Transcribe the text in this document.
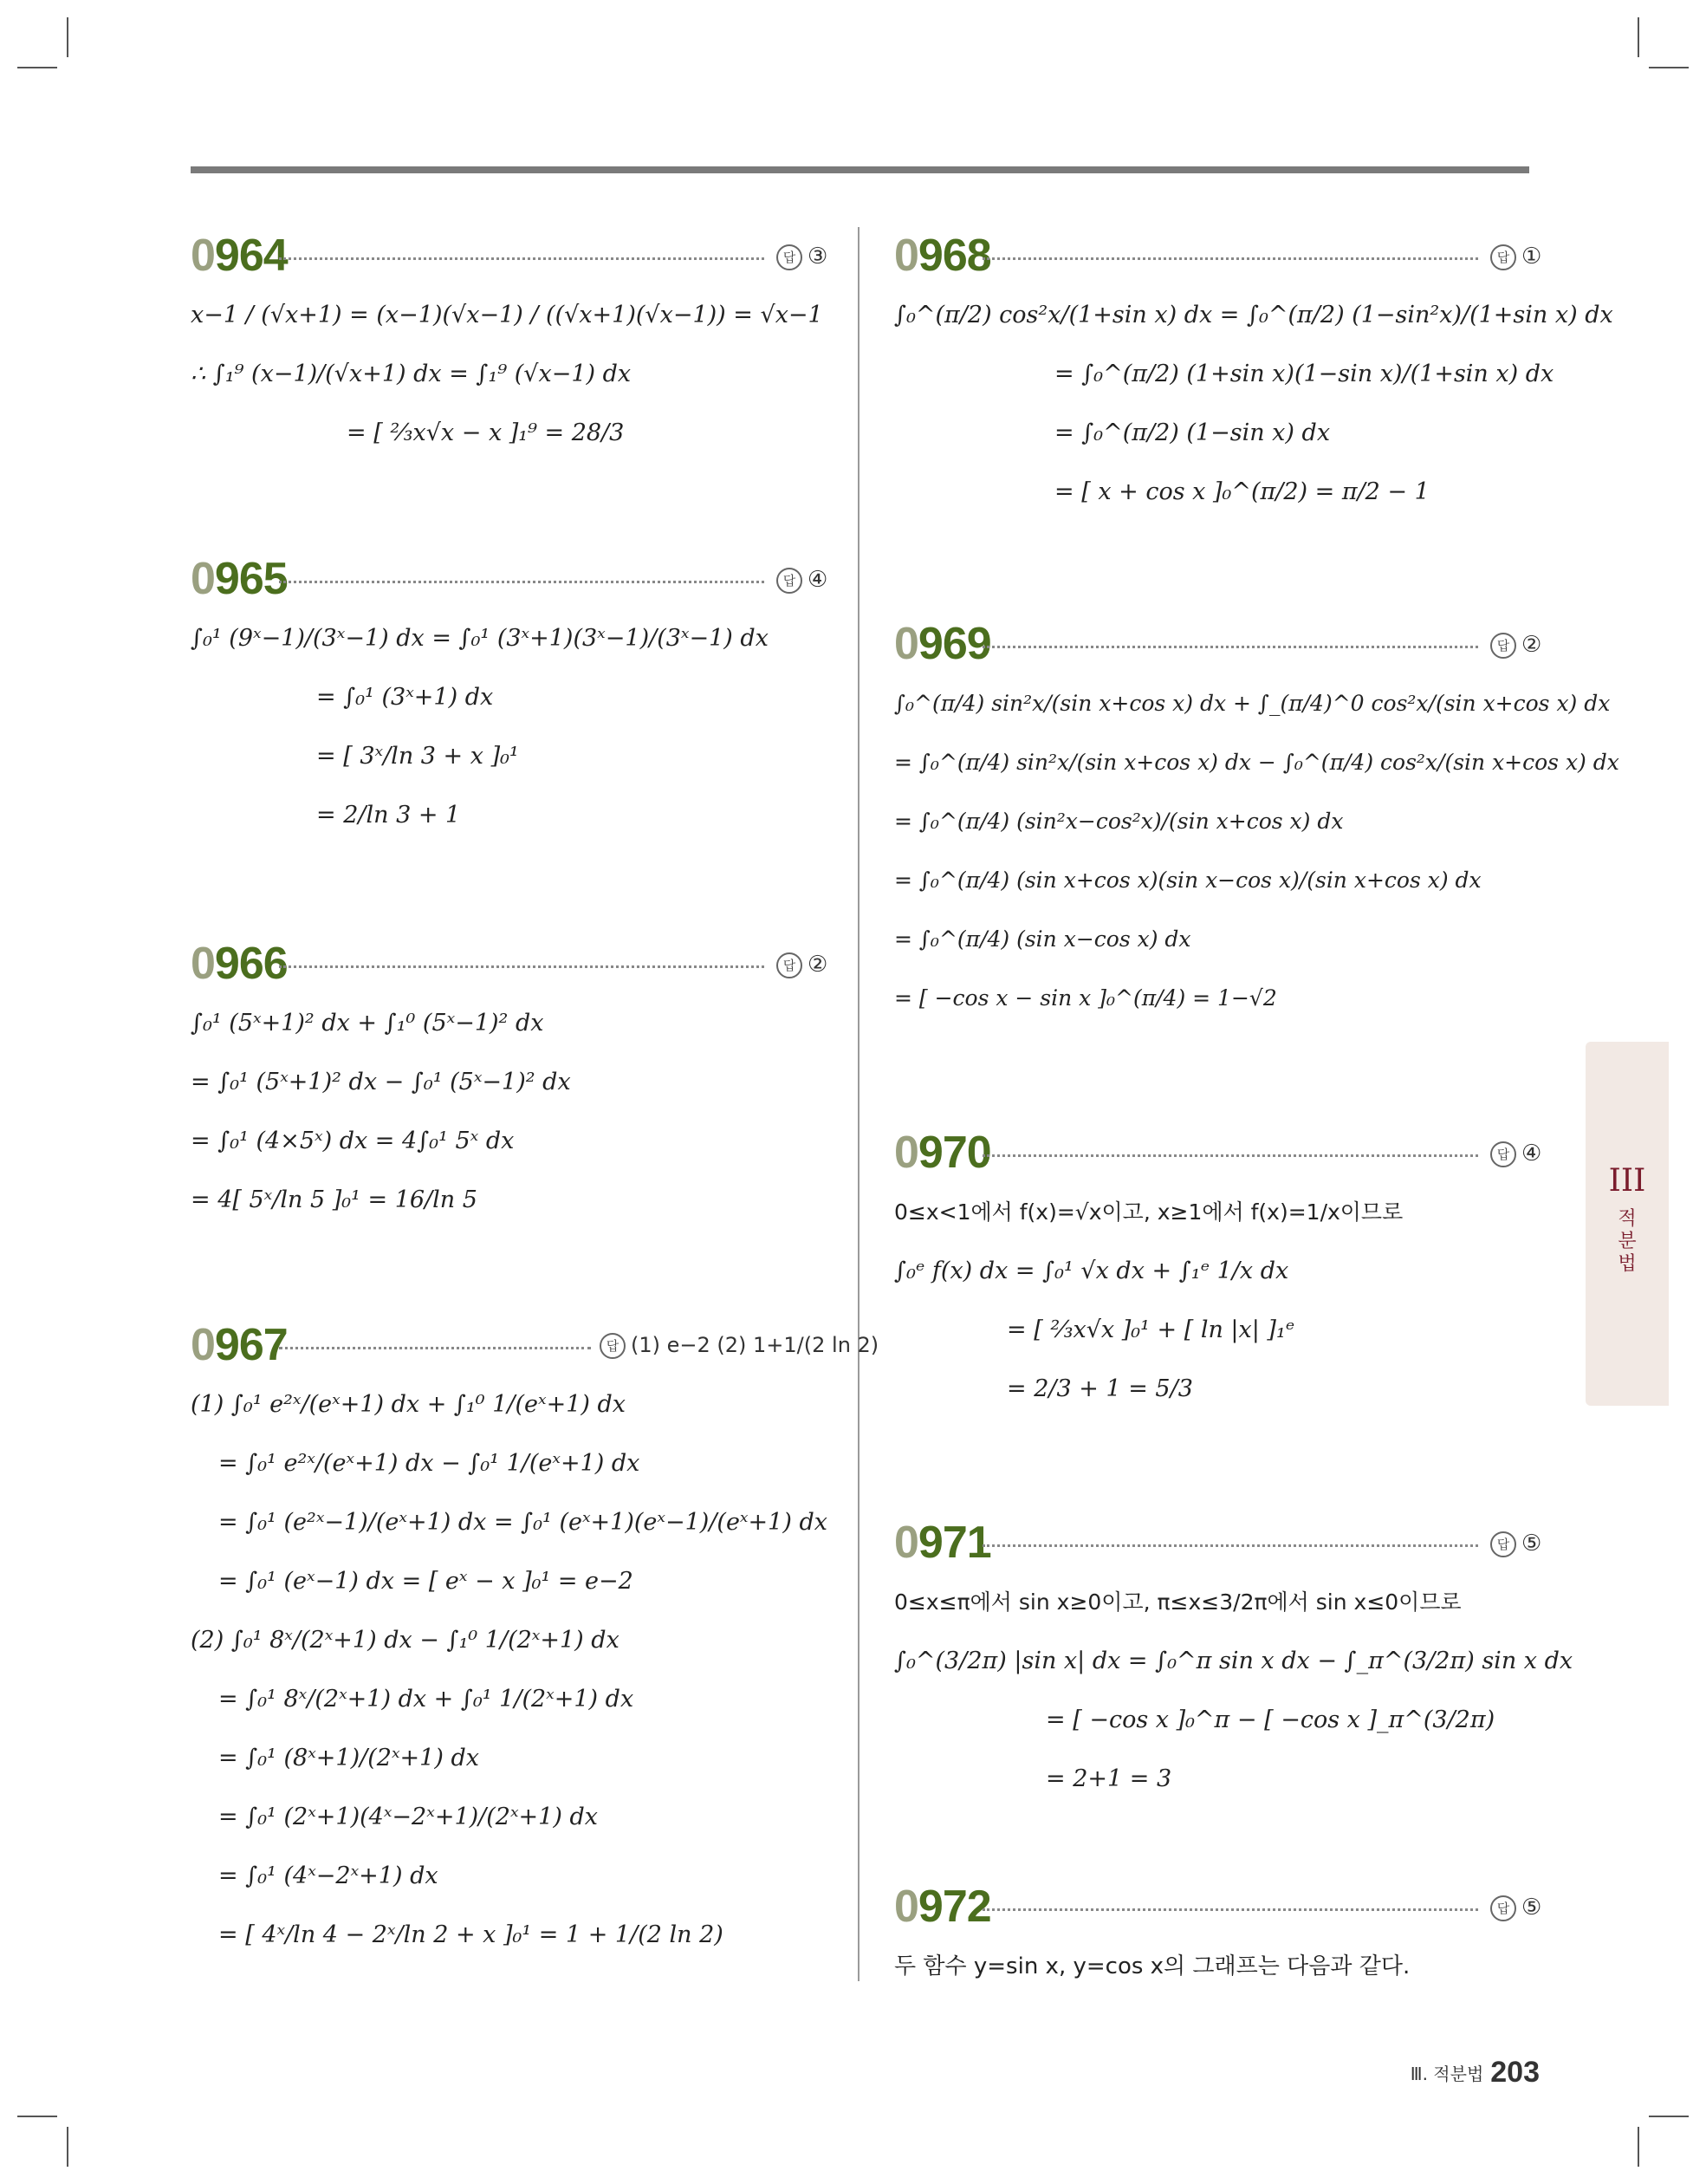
0964	답 ③
x−1 / (√x+1) = (x−1)(√x−1) / ((√x+1)(√x−1)) = √x−1
∴ ∫₁⁹ (x−1)/(√x+1) dx = ∫₁⁹ (√x−1) dx
= [ ⅔x√x − x ]₁⁹ = 28/3
0965	답 ④
∫₀¹ (9ˣ−1)/(3ˣ−1) dx = ∫₀¹ (3ˣ+1)(3ˣ−1)/(3ˣ−1) dx
= ∫₀¹ (3ˣ+1) dx
= [ 3ˣ/ln 3 + x ]₀¹
= 2/ln 3 + 1
0966	답 ②
∫₀¹ (5ˣ+1)² dx + ∫₁⁰ (5ˣ−1)² dx
= ∫₀¹ (5ˣ+1)² dx − ∫₀¹ (5ˣ−1)² dx
= ∫₀¹ (4×5ˣ) dx = 4∫₀¹ 5ˣ dx
= 4[ 5ˣ/ln 5 ]₀¹ = 16/ln 5
0967	답 (1) e−2 (2) 1+1/(2 ln 2)
(1) ∫₀¹ e²ˣ/(eˣ+1) dx + ∫₁⁰ 1/(eˣ+1) dx
= ∫₀¹ e²ˣ/(eˣ+1) dx − ∫₀¹ 1/(eˣ+1) dx
= ∫₀¹ (e²ˣ−1)/(eˣ+1) dx = ∫₀¹ (eˣ+1)(eˣ−1)/(eˣ+1) dx
= ∫₀¹ (eˣ−1) dx = [ eˣ − x ]₀¹ = e−2
(2) ∫₀¹ 8ˣ/(2ˣ+1) dx − ∫₁⁰ 1/(2ˣ+1) dx
= ∫₀¹ 8ˣ/(2ˣ+1) dx + ∫₀¹ 1/(2ˣ+1) dx
= ∫₀¹ (8ˣ+1)/(2ˣ+1) dx
= ∫₀¹ (2ˣ+1)(4ˣ−2ˣ+1)/(2ˣ+1) dx
= ∫₀¹ (4ˣ−2ˣ+1) dx
= [ 4ˣ/ln 4 − 2ˣ/ln 2 + x ]₀¹ = 1 + 1/(2 ln 2)
0968	답 ①
∫₀^(π/2) cos²x/(1+sin x) dx = ∫₀^(π/2) (1−sin²x)/(1+sin x) dx
= ∫₀^(π/2) (1+sin x)(1−sin x)/(1+sin x) dx
= ∫₀^(π/2) (1−sin x) dx
= [ x + cos x ]₀^(π/2) = π/2 − 1
0969	답 ②
∫₀^(π/4) sin²x/(sin x+cos x) dx + ∫_(π/4)^0 cos²x/(sin x+cos x) dx
= ∫₀^(π/4) sin²x/(sin x+cos x) dx − ∫₀^(π/4) cos²x/(sin x+cos x) dx
= ∫₀^(π/4) (sin²x−cos²x)/(sin x+cos x) dx
= ∫₀^(π/4) (sin x+cos x)(sin x−cos x)/(sin x+cos x) dx
= ∫₀^(π/4) (sin x−cos x) dx
= [ −cos x − sin x ]₀^(π/4) = 1−√2
0970	답 ④
0≤x<1에서 f(x)=√x이고, x≥1에서 f(x)=1/x이므로
∫₀ᵉ f(x) dx = ∫₀¹ √x dx + ∫₁ᵉ 1/x dx
= [ ⅔x√x ]₀¹ + [ ln |x| ]₁ᵉ
= 2/3 + 1 = 5/3
0971	답 ⑤
0≤x≤π에서 sin x≥0이고, π≤x≤3/2π에서 sin x≤0이므로
∫₀^(3/2π) |sin x| dx = ∫₀^π sin x dx − ∫_π^(3/2π) sin x dx
= [ −cos x ]₀^π − [ −cos x ]_π^(3/2π)
= 2+1 = 3
0972	답 ⑤
두 함수 y=sin x, y=cos x의 그래프는 다음과 같다.
III
적
분
법
Ⅲ. 적분법 203
